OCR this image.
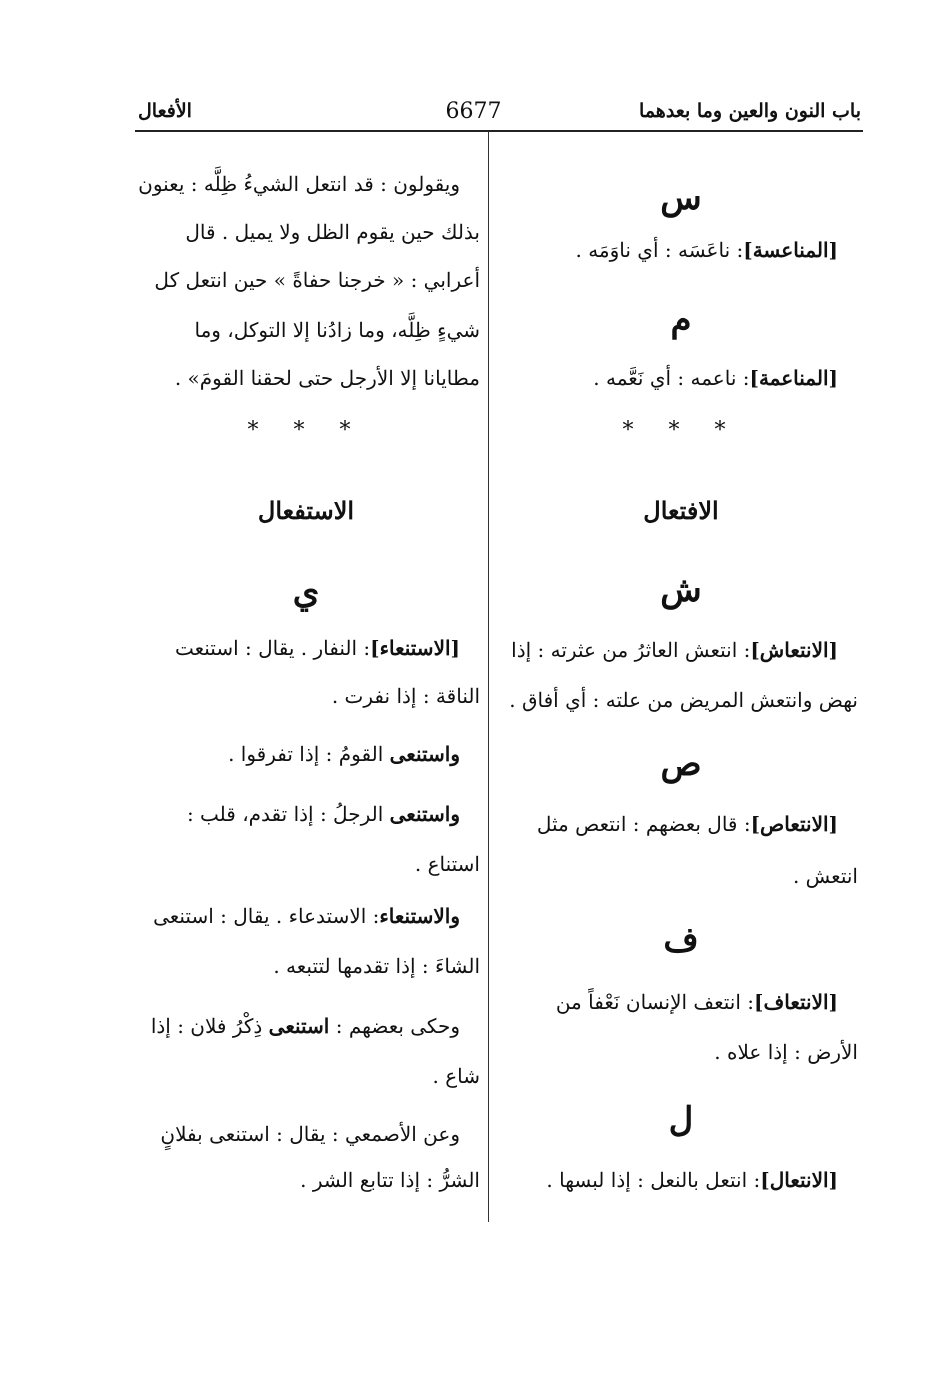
باب النون والعين وما بعدهما
6677
الأفعال
س
[المناعسة]: ناعَسَه : أي ناوَمَه .
م
[المناعمة]: ناعمه : أي نَعَّمه .
* * *
الافتعال
ش
[الانتعاش]: انتعش العاثرُ من عثرته : إذا
نهض وانتعش المريض من علته : أي أفاق .
ص
[الانتعاص]: قال بعضهم : انتعص مثل
انتعش .
ف
[الانتعاف]: انتعف الإنسان نَعْفاً من
الأرض : إذا علاه .
ل
[الانتعال]: انتعل بالنعل : إذا لبسها .
ويقولون : قد انتعل الشيءُ ظِلَّه : يعنون
بذلك حين يقوم الظل ولا يميل . قال
أعرابي : « خرجنا حفاةً » حين انتعل كل
شيءٍ ظِلَّه، وما زادُنا إلا التوكل، وما
مطايانا إلا الأرجل حتى لحقنا القومَ» .
* * *
الاستفعال
ي
[الاستنعاء]: النفار . يقال : استنعت
الناقة : إذا نفرت .
واستنعى القومُ : إذا تفرقوا .
واستنعى الرجلُ : إذا تقدم، قلب :
استناع .
والاستنعاء: الاستدعاء . يقال : استنعى
الشاءَ : إذا تقدمها لتتبعه .
وحكى بعضهم : استنعى ذِكْرُ فلان : إذا
شاع .
وعن الأصمعي : يقال : استنعى بفلانٍ
الشرُّ : إذا تتابع الشر .
